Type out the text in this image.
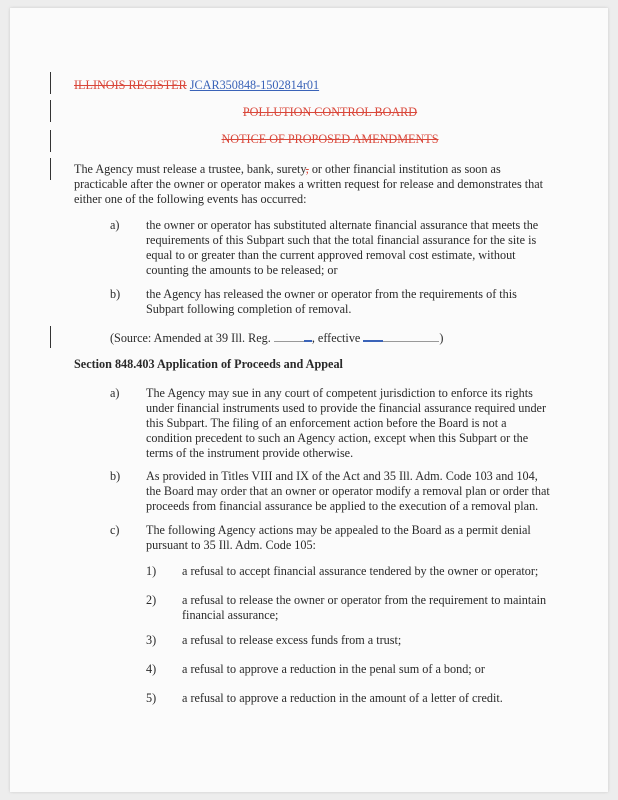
ILLINOIS REGISTER JCAR350848-1502814r01
POLLUTION CONTROL BOARD
NOTICE OF PROPOSED AMENDMENTS
The Agency must release a trustee, bank, surety, or other financial institution as soon as
practicable after the owner or operator makes a written request for release and demonstrates that
either one of the following events has occurred:
a) the owner or operator has substituted alternate financial assurance that meets the
requirements of this Subpart such that the total financial assurance for the site is
equal to or greater than the current approved removal cost estimate, without
counting the amounts to be released; or
b) the Agency has released the owner or operator from the requirements of this
Subpart following completion of removal.
(Source: Amended at 39 Ill. Reg.	, effective	)
Section 848.403 Application of Proceeds and Appeal
a) The Agency may sue in any court of competent jurisdiction to enforce its rights
under financial instruments used to provide the financial assurance required under
this Subpart. The filing of an enforcement action before the Board is not a
condition precedent to such an Agency action, except when this Subpart or the
terms of the instrument provide otherwise.
b) As provided in Titles VIII and IX of the Act and 35 Ill. Adm. Code 103 and 104,
the Board may order that an owner or operator modify a removal plan or order that
proceeds from financial assurance be applied to the execution of a removal plan.
c) The following Agency actions may be appealed to the Board as a permit denial
pursuant to 35 Ill. Adm. Code 105:
1) a refusal to accept financial assurance tendered by the owner or operator;
2) a refusal to release the owner or operator from the requirement to maintain
financial assurance;
3) a refusal to release excess funds from a trust;
4) a refusal to approve a reduction in the penal sum of a bond; or
5) a refusal to approve a reduction in the amount of a letter of credit.
